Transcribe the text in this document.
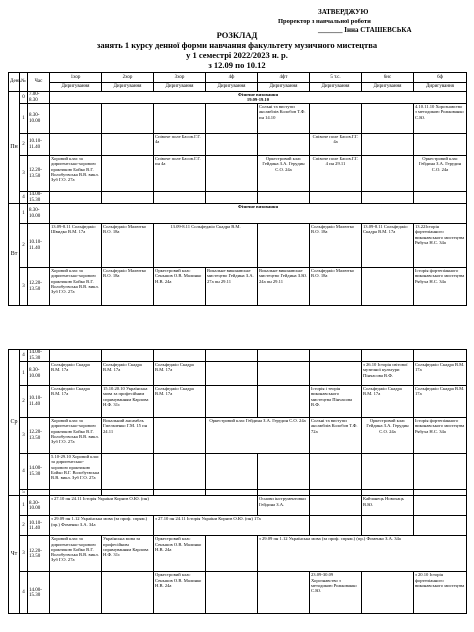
ЗАТВЕРДЖУЮ
Проректор з навчальної роботи
_______ Інна СТАШЕВСЬКА
РОЗКЛАД
занять 1 курсу денної форми навчання факультету музичного мистецтва
у 1 семестрі 2022/2023 н. р.
з 12.09 по 10.12
День	№	Час	1хор	2хор	3хор	4ф	4фт	5 т.с.	6нс	6ф
			Диригування	Диригування	Диригування	Диригування	Диригування	Диригування	Диригування	Диригування
Пн	0	7.00-8.30	Фізичне виховання
19.09-19.10							
	1	8.30-10.00					Сольні та виступи ансамблів Колобов Т.Ф. пн 14.10			4.10.11.10 Хорознавство з методикою Рожкованко С.Ю.
	2	10.10-11.40			Співоче поле Басов.Г.Г. 4а			Співоче поле Басов.Г.Г. 4а		
	3	12.20-13.50	Хоровий клас за диригентсько-хоровою практикою Бойко В.Г. Волобуєвська В.В. викл. Зуб Г.О. 27а		Співоче поле Басов.Г.Г. пн 4а		Оркестровий клас Гейдина З.А. Герудин С.О. 24а	Співоче поле Басов.Г.Г. 4 пн 29.11		Оркестровий клас Гейдина З.А. Герудин С.О. 24а
	4	14.00-15.30								
Вт	1	8.30-10.00	Фізичне виховання							
	2	10.10-11.40	13.09-8.11 Сольфеджіо Швидко В.М. 17а	Сольфеджіо Малютко В.О. 18а	13.09-8.11 Сольфеджіо Скадра В.М.			Сольфеджіо Малютко В.О. 18а	13.09-8.11 Сольфеджіо Скадра В.М. 17а	13.22Історія фортепіанного виконавського мистецтва Рябуха Н.С. 34а
	3	12.20-13.50	Хоровий клас за диригентсько-хоровою практикою Бойко В.Г. Волобуєвська В.В. викл. Зуб Г.О. 27а	Сольфеджіо Малютко В.О. 18а	Оркестровий клас Сеньшов О.В. Малинко Н.В. 24а	Вокальне виконавське мистецтво Гейдина З.А. 27а пн 29.11	Вокальне виконавське мистецтво Гейдина З.Ю. 24а пн 29.11	Сольфеджіо Малютко В.О. 18а		Історія фортепіанного виконавського мистецтва Рябуха Н.С. 34а
Ср	4	14.00-15.30								
	1	8.30-10.00	Сольфеджіо Скадра В.М. 17а	Сольфеджіо Скадра В.М. 17а	Сольфеджіо Скадра В.М. 17а				з 26.10 Історія світової музичної культури Пінчасова В.Ф.	Сольфеджіо Скадра В.М. 17а
	2	10.10-11.40	Сольфеджіо Скадра В.М. 17а	15.10.20.10 Українська мова за професійним спрямуванням Карлова Н.Ф. 31с	Сольфеджіо Скадра В.М. 17а			Історія і теорія виконавського мистецтва Пінчасова В.Ф.	Сольфеджіо Скадра В.М. 17а	Сольфеджіо Скадра В.М. 17а
	3	12.20-13.50	Хоровий клас за диригентсько-хоровою практикою Бойко В.Г. Волобуєвська В.В. викл. Зуб Г.О. 27а	Вокальний ансамбль Гмельченко Г.М. 15 пн 24.11		Оркестровий клас Гейдина З.А. Герудин С.О. 24а		Сольні та виступи ансамблів Колобов Т.Ф. 72а	Оркестровий клас Гейдина З.А. Герудин С.О. 24а	Історія фортепіанного виконавського мистецтва Рябуха Н.С. 34а
	4	14.00-15.30	5.10-29.10 Хоровий клас за диригентсько-хоровою практикою Бойко В.Г. Волобуєвська В.В. викл. Зуб Г.О. 27а							
	5									
Чт	1	8.30-10.00	з 27.10 пн 24.11 Історія України Корнєв О.Ю. (пн)				Основи інструментовки Гейдина З.А.		Кайчанець Новохаць В.Ю.	
	2	10.10-11.40	з 29.09 пн 1.12 Українська мова (за проф. спрям.) (пр.) Фоменко З.А. 34а		з 27.10 пн 24.11 Історія України Корнєв О.Ю. (пн) 17а					
	3	12.20-13.50	Хоровий клас за диригентсько-хоровою практикою Бойко В.Г. Волобуєвська В.В. викл. Зуб Г.О. 27а	Українська мова за професійним спрямуванням Карлова Н.Ф. 31с	Оркестровий клас Сеньшов О.В. Малинко Н.В. 24а		з 29.09 пн 1.12 Українська мова (за проф. спрям.) (пр.) Фоменко З.А. 34а			
	4	14.00-15.30			Оркестровий клас Сеньшов О.В. Малинко Н.В. 24а			23.09-30.09 Хорознавство з методикою Рожкованко С.Ю.		з 20.10 Історія фортепіанного виконавського мистецтва
